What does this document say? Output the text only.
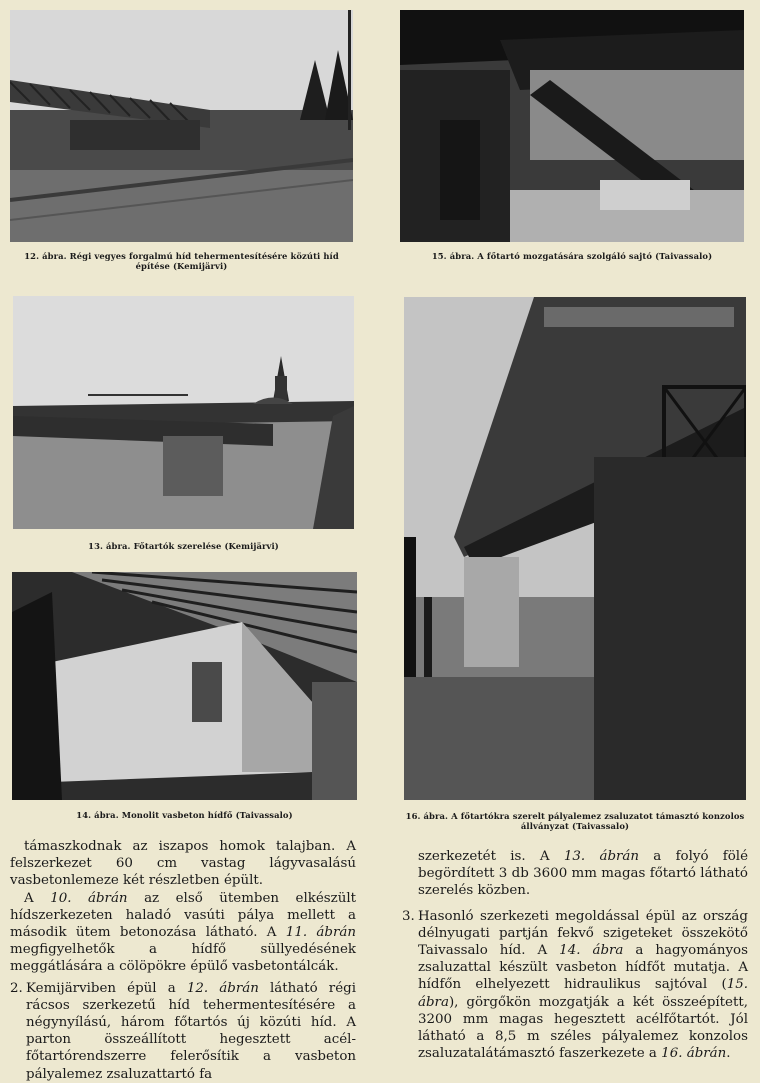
12. ábra. Régi vegyes forgalmú híd tehermentesítésére közúti híd építése (Kemijärvi)
15. ábra. A főtartó mozgatására szolgáló sajtó (Taivassalo)
13. ábra. Főtartók szerelése (Kemijärvi)
16. ábra. A főtartókra szerelt pályalemez zsaluzatot támasztó konzolos állványzat (Taivassalo)
14. ábra. Monolit vasbeton hídfő (Taivassalo)

támaszkodnak az iszapos homok talajban. A felszerkezet 60 cm vastag lágyvasalású vasbetonlemeze két részletben épült.

A 10. ábrán az első ütemben elkészült hídszerkezeten haladó vasúti pálya mellett a második ütem betonozása látható. A 11. ábrán megfigyelhetők a hídfő süllyedésének meggátlására a cölöpökre épülő vasbetontálcák.

2. Kemijärviben épül a 12. ábrán látható régi rácsos szerkezetű híd tehermentesítésére a négynyílású, három főtartós új közúti híd. A parton összeállított hegesztett acél-főtartórendszerre felerősítik a vasbeton pályalemez zsaluzattartó fa

szerkezetét is. A 13. ábrán a folyó fölé begördített 3 db 3600 mm magas főtartó látható szerelés közben.

3. Hasonló szerkezeti megoldással épül az ország délnyugati partján fekvő szigeteket összekötő Taivassalo híd. A 14. ábra a hagyományos zsaluzattal készült vasbeton hídfőt mutatja. A hídfőn elhelyezett hidraulikus sajtóval (15. ábra), görgőkön mozgatják a két összeépített, 3200 mm magas hegesztett acélfőtartót. Jól látható a 8,5 m széles pályalemez konzolos zsaluzatalátámasztó faszerkezete a 16. ábrán.
